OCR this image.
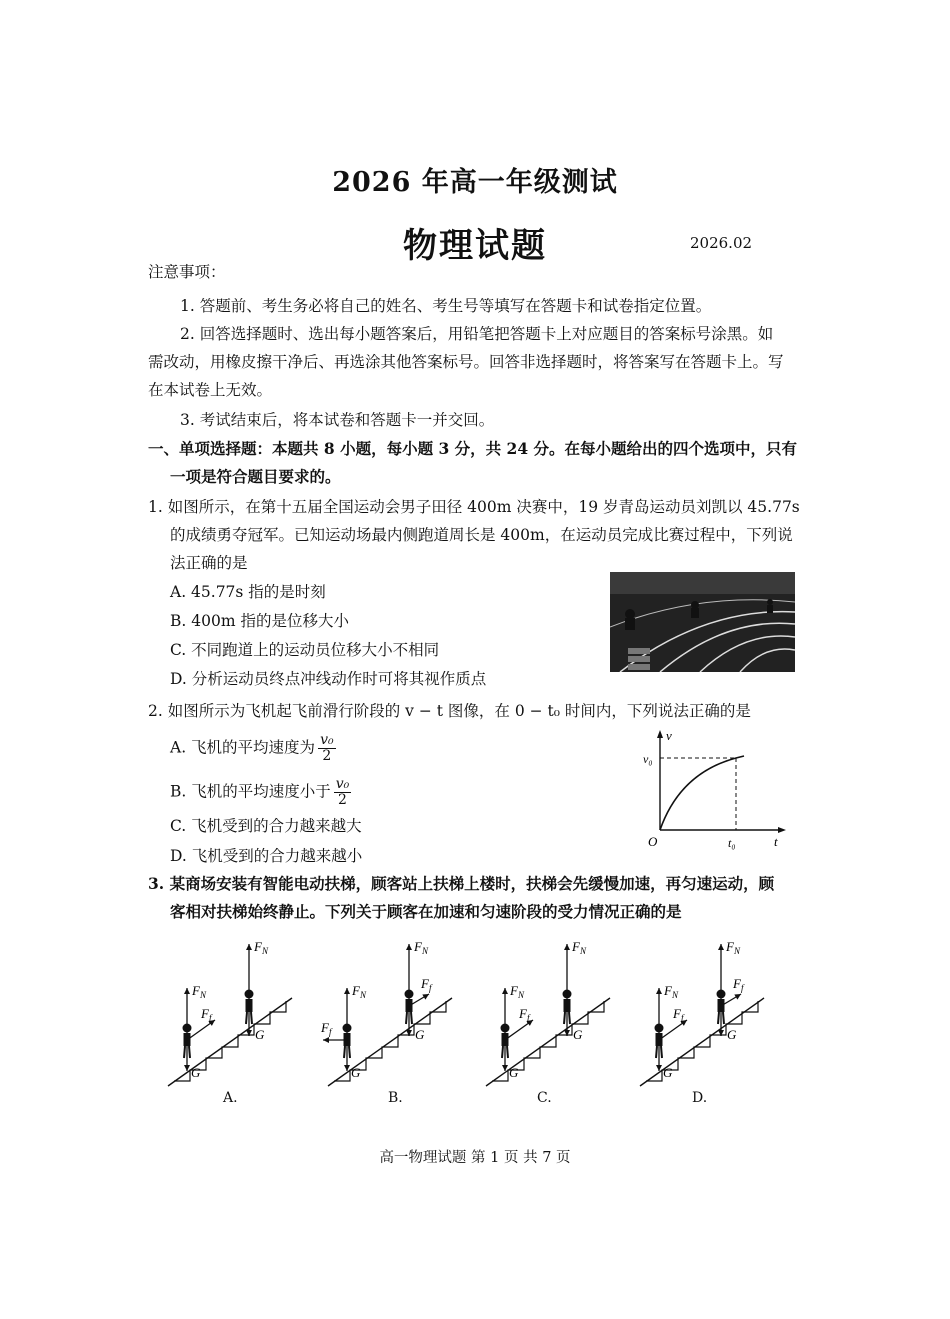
2026 年高一年级测试
物理试题	2026.02
注意事项：
1. 答题前、考生务必将自己的姓名、考生号等填写在答题卡和试卷指定位置。
2. 回答选择题时、选出每小题答案后，用铅笔把答题卡上对应题目的答案标号涂黑。如
需改动，用橡皮擦干净后、再选涂其他答案标号。回答非选择题时，将答案写在答题卡上。写
在本试卷上无效。
3. 考试结束后，将本试卷和答题卡一并交回。
一、单项选择题：本题共 8 小题，每小题 3 分，共 24 分。在每小题给出的四个选项中，只有
一项是符合题目要求的。
1. 如图所示，在第十五届全国运动会男子田径 400m 决赛中，19 岁青岛运动员刘凯以 45.77s
的成绩勇夺冠军。已知运动场最内侧跑道周长是 400m，在运动员完成比赛过程中，下列说
法正确的是
A. 45.77s 指的是时刻
B. 400m 指的是位移大小
C. 不同跑道上的运动员位移大小不相同
D. 分析运动员终点冲线动作时可将其视作质点
2. 如图所示为飞机起飞前滑行阶段的 v − t 图像，在 0 − t₀ 时间内，下列说法正确的是
A. 飞机的平均速度为 $\frac{\text{v₀}}{2}$
B. 飞机的平均速度小于 $\frac{\text{v₀}}{2}$
C. 飞机受到的合力越来越大
D. 飞机受到的合力越来越小
v
t
v₀
t₀
O
3. 某商场安装有智能电动扶梯，顾客站上扶梯上楼时，扶梯会先缓慢加速，再匀速运动，顾
客相对扶梯始终静止。下列关于顾客在加速和匀速阶段的受力情况正确的是
$F_N$
G
$F_f$
$F_N$
G
A.
$F_N$
G
$F_f$
$F_N$
G
$F_f$
B.
$F_N$
G
$F_f$
$F_N$
G
C.
$F_N$
G
$F_f$
$F_N$
G
$F_f$
D.
高一物理试题 第 1 页 共 7 页
